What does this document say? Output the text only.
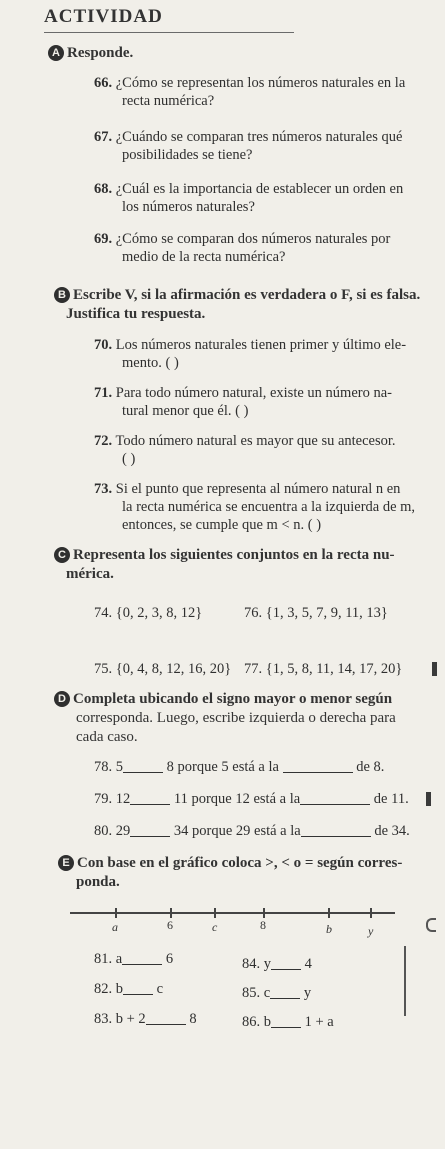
ACTIVIDAD
A Responde.
66. ¿Cómo se representan los números naturales en la
recta numérica?
67. ¿Cuándo se comparan tres números naturales qué
posibilidades se tiene?
68. ¿Cuál es la importancia de establecer un orden en
los números naturales?
69. ¿Cómo se comparan dos números naturales por
medio de la recta numérica?
B Escribe V, si la afirmación es verdadera o F, si es falsa.
Justifica tu respuesta.
70. Los números naturales tienen primer y último ele-
mento. ( )
71. Para todo número natural, existe un número na-
tural menor que él. ( )
72. Todo número natural es mayor que su antecesor.
( )
73. Si el punto que representa al número natural n en
la recta numérica se encuentra a la izquierda de m,
entonces, se cumple que m < n. ( )
C Representa los siguientes conjuntos en la recta nu-
mérica.
74. {0, 2, 3, 8, 12}	76. {1, 3, 5, 7, 9, 11, 13}
75. {0, 4, 8, 12, 16, 20} 77. {1, 5, 8, 11, 14, 17, 20}
D Completa ubicando el signo mayor o menor según
corresponda. Luego, escribe izquierda o derecha para
cada caso.
78. 5	8 porque 5 está a la	de 8.
79. 12	11 porque 12 está a la	de 11.
80. 29	34 porque 29 está a la	de 34.
E Con base en el gráfico coloca >, < o = según corres-
ponda.
a	6	c	8	b	y
81. a	6	84. y 4
82. b c	85. c y
83. b + 2	8	86. b 1 + a
